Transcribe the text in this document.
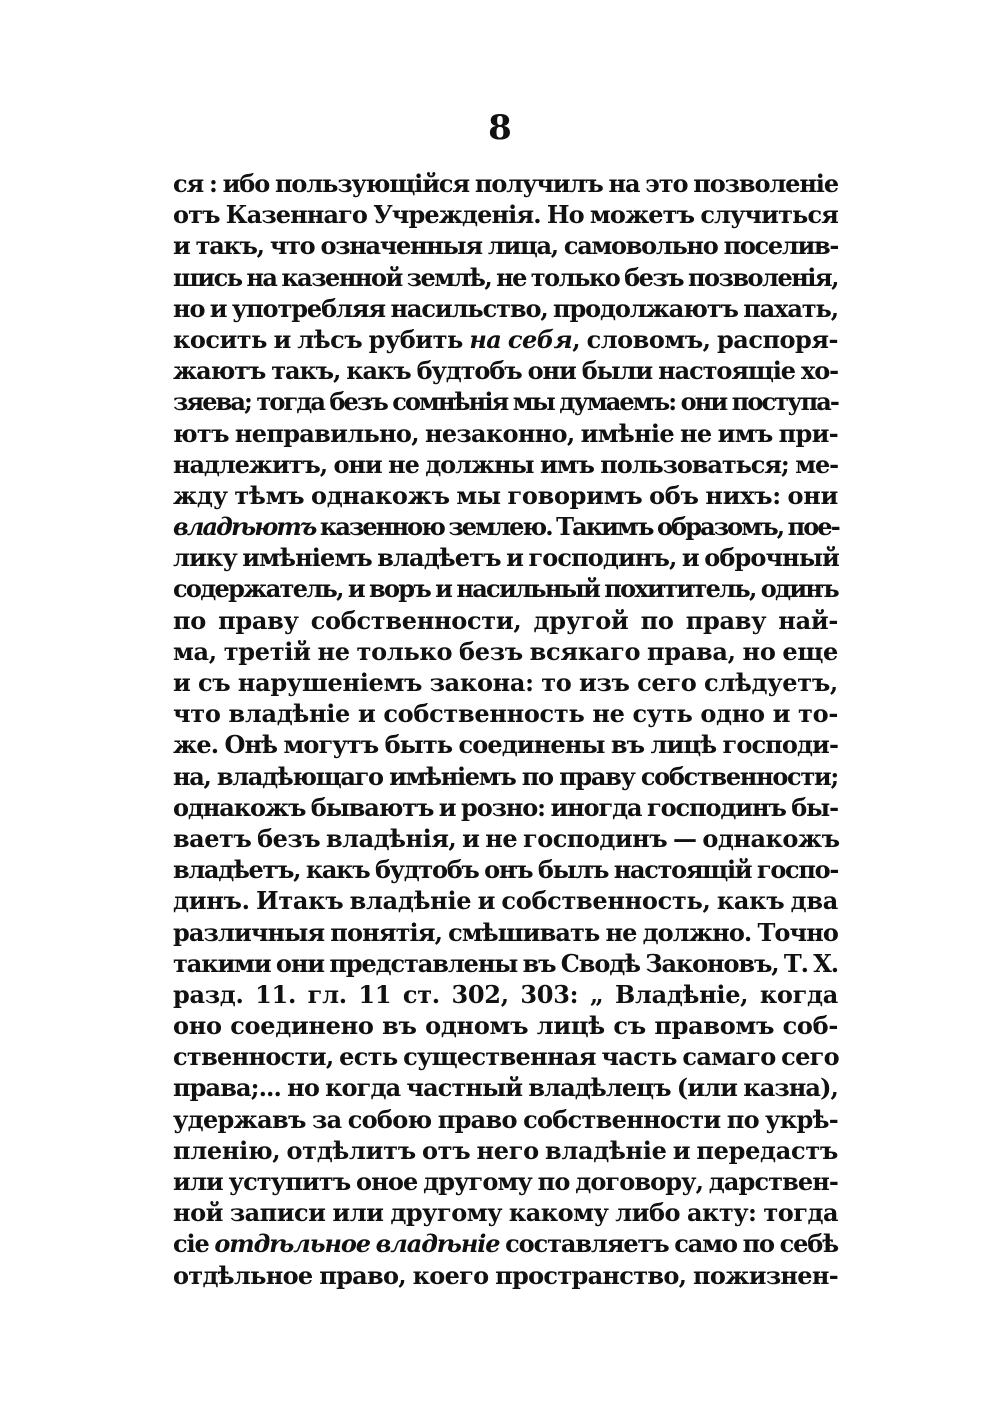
8
ся : ибо пользующійся получилъ на это позволеніе
отъ Казеннаго Учрежденія. Но можетъ случиться
и такъ, что означенныя лица, самовольно поселив-
шись на казенной землѣ, не только безъ позволенія,
но и употребляя насильство, продолжаютъ пахать,
косить и лѣсъ рубить на себя, словомъ, распоря-
жаютъ такъ, какъ будтобъ они были настоящіе хо-
зяева; тогда безъ сомнѣнія мы думаемъ: они поступа-
ютъ неправильно, незаконно, имѣніе не имъ при-
надлежитъ, они не должны имъ пользоваться; ме-
жду тѣмъ однакожъ мы говоримъ объ нихъ: они
владѣютъ казенною землею. Такимъ образомъ, пое-
лику имѣніемъ владѣетъ и господинъ, и оброчный
содержатель, и воръ и насильный похититель, одинъ
по праву собственности, другой по праву най-
ма, третій не только безъ всякаго права, но еще
и съ нарушеніемъ закона: то изъ сего слѣдуетъ,
что владѣніе и собственность не суть одно и то-
же. Онѣ могутъ быть соединены въ лицѣ господи-
на, владѣющаго имѣніемъ по праву собственности;
однакожъ бываютъ и розно: иногда господинъ бы-
ваетъ безъ владѣнія, и не господинъ — однакожъ
владѣетъ, какъ будтобъ онъ былъ настоящій госпо-
динъ. Итакъ владѣніе и собственность, какъ два
различныя понятія, смѣшивать не должно. Точно
такими они представлены въ Сводѣ Законовъ, Т. X.
разд. 11. гл. 11 ст. 302, 303: „ Владѣніе, когда
оно соединено въ одномъ лицѣ съ правомъ соб-
ственности, есть существенная часть самаго сего
права;... но когда частный владѣлецъ (или казна),
удержавъ за собою право собственности по укрѣ-
пленію, отдѣлитъ отъ него владѣніе и передастъ
или уступитъ оное другому по договору, дарствен-
ной записи или другому какому либо акту: тогда
сіе отдѣльное владѣніе составляетъ само по себѣ
отдѣльное право, коего пространство, пожизнен-
